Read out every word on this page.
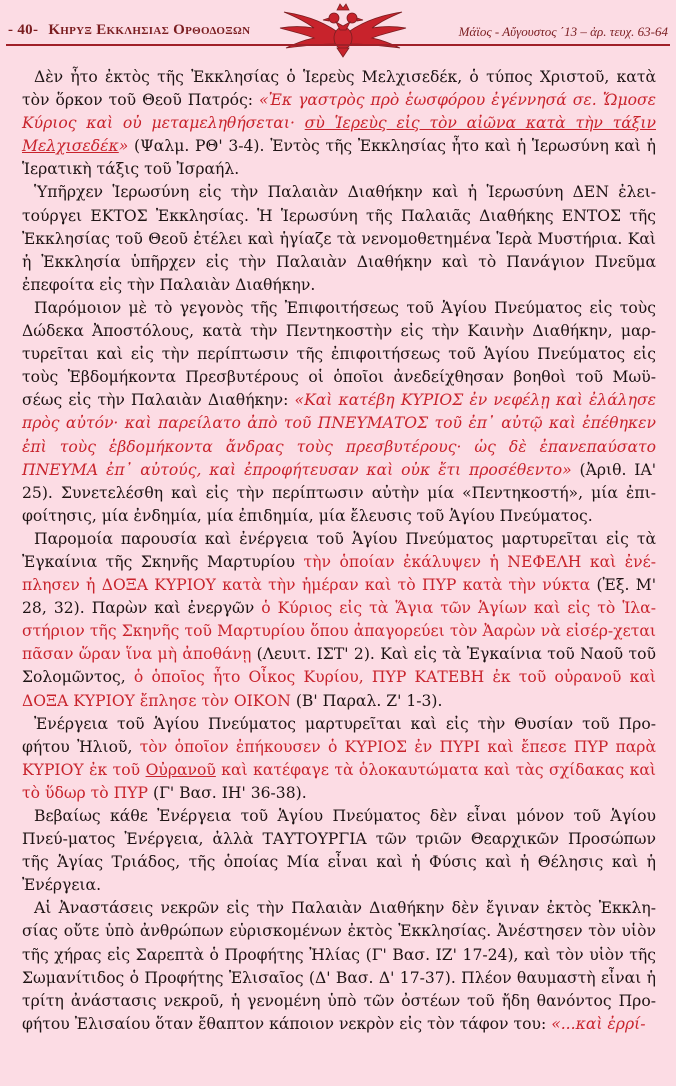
- 40- Κηρυξ Εκκλησιας Ορθοδοξων	Μάϊος - Αὔγουστος ΄13 – ἀρ. τευχ. 63-64

Δὲν ἦτο ἐκτὸς τῆς Ἐκκλησίας ὁ Ἱερεὺς Μελχισεδέκ, ὁ τύπος Χριστοῦ, κατὰ τὸν ὅρκον τοῦ Θεοῦ Πατρός: «Ἐκ γαστρὸς πρὸ ἑωσφόρου ἐγέννησά σε. Ὤμοσε Κύριος καὶ οὐ μεταμεληθήσεται· σὺ Ἱερεὺς εἰς τὸν αἰῶνα κατὰ τὴν τάξιν Μελχισεδέκ» (Ψαλμ. ΡΘ' 3-4). Ἐντὸς τῆς Ἐκκλησίας ἦτο καὶ ἡ Ἱερωσύνη καὶ ἡ Ἱερατικὴ τάξις τοῦ Ἰσραήλ.

Ὑπῆρχεν Ἱερωσύνη εἰς τὴν Παλαιὰν Διαθήκην καὶ ἡ Ἱερωσύνη ΔΕΝ ἐλει-τούργει ΕΚΤΟΣ Ἐκκλησίας. Ἡ Ἱερωσύνη τῆς Παλαιᾶς Διαθήκης ΕΝΤΟΣ τῆς Ἐκκλησίας τοῦ Θεοῦ ἐτέλει καὶ ἡγίαζε τὰ νενομοθετημένα Ἱερὰ Μυστήρια. Καὶ ἡ Ἐκκλησία ὑπῆρχεν εἰς τὴν Παλαιὰν Διαθήκην καὶ τὸ Πανάγιον Πνεῦμα ἐπεφοίτα εἰς τὴν Παλαιὰν Διαθήκην.

Παρόμοιον μὲ τὸ γεγονὸς τῆς Ἐπιφοιτήσεως τοῦ Ἁγίου Πνεύματος εἰς τοὺς Δώδεκα Ἀποστόλους, κατὰ τὴν Πεντηκοστὴν εἰς τὴν Καινὴν Διαθήκην, μαρ-τυρεῖται καὶ εἰς τὴν περίπτωσιν τῆς ἐπιφοιτήσεως τοῦ Ἁγίου Πνεύματος εἰς τοὺς Ἑβδομήκοντα Πρεσβυτέρους οἱ ὁποῖοι ἀνεδείχθησαν βοηθοὶ τοῦ Μωϋ-σέως εἰς τὴν Παλαιὰν Διαθήκην: «Καὶ κατέβη ΚΥΡΙΟΣ ἐν νεφέλῃ καὶ ἐλάλησε πρὸς αὐτόν· καὶ παρείλατο ἀπὸ τοῦ ΠΝΕΥΜΑΤΟΣ τοῦ ἐπ᾽ αὐτῷ καὶ ἐπέθηκεν ἐπὶ τοὺς ἑβδομήκοντα ἄνδρας τοὺς πρεσβυτέρους· ὡς δὲ ἐπανεπαύσατο ΠΝΕΥΜΑ ἐπ᾽ αὐτούς, καὶ ἐπροφήτευσαν καὶ οὐκ ἔτι προσέθεντο» (Ἀριθ. ΙΑ' 25). Συνετελέσθη καὶ εἰς τὴν περίπτωσιν αὐτὴν μία «Πεντηκοστή», μία ἐπι-φοίτησις, μία ἐνδημία, μία ἐπιδημία, μία ἔλευσις τοῦ Ἁγίου Πνεύματος.

Παρομοία παρουσία καὶ ἐνέργεια τοῦ Ἁγίου Πνεύματος μαρτυρεῖται εἰς τὰ Ἐγκαίνια τῆς Σκηνῆς Μαρτυρίου τὴν ὁποίαν ἐκάλυψεν ἡ ΝΕΦΕΛΗ καὶ ἐνέ-πλησεν ἡ ΔΟΞΑ ΚΥΡΙΟΥ κατὰ τὴν ἡμέραν καὶ τὸ ΠΥΡ κατὰ τὴν νύκτα (Ἐξ. Μ' 28, 32). Παρὼν καὶ ἐνεργῶν ὁ Κύριος εἰς τὰ Ἅγια τῶν Ἁγίων καὶ εἰς τὸ Ἱλα-στήριον τῆς Σκηνῆς τοῦ Μαρτυρίου ὅπου ἀπαγορεύει τὸν Ἀαρὼν νὰ εἰσέρ-χεται πᾶσαν ὥραν ἵνα μὴ ἀποθάνῃ (Λευιτ. ΙΣΤ' 2). Καὶ εἰς τὰ Ἐγκαίνια τοῦ Ναοῦ τοῦ Σολομῶντος, ὁ ὁποῖος ἦτο Οἶκος Κυρίου, ΠΥΡ ΚΑΤΕΒΗ ἐκ τοῦ οὐρανοῦ καὶ ΔΟΞΑ ΚΥΡΙΟΥ ἔπλησε τὸν ΟΙΚΟΝ (Β' Παραλ. Ζ' 1-3).

Ἐνέργεια τοῦ Ἁγίου Πνεύματος μαρτυρεῖται καὶ εἰς τὴν Θυσίαν τοῦ Προ-φήτου Ἠλιοῦ, τὸν ὁποῖον ἐπήκουσεν ὁ ΚΥΡΙΟΣ ἐν ΠΥΡΙ καὶ ἔπεσε ΠΥΡ παρὰ ΚΥΡΙΟΥ ἐκ τοῦ Οὐρανοῦ καὶ κατέφαγε τὰ ὁλοκαυτώματα καὶ τὰς σχίδακας καὶ τὸ ὕδωρ τὸ ΠΥΡ (Γ' Βασ. ΙΗ' 36-38).

Βεβαίως κάθε Ἐνέργεια τοῦ Ἁγίου Πνεύματος δὲν εἶναι μόνον τοῦ Ἁγίου Πνεύ-ματος Ἐνέργεια, ἀλλὰ ΤΑΥΤΟΥΡΓΙΑ τῶν τριῶν Θεαρχικῶν Προσώπων τῆς Ἁγίας Τριάδος, τῆς ὁποίας Μία εἶναι καὶ ἡ Φύσις καὶ ἡ Θέλησις καὶ ἡ Ἐνέργεια.

Αἱ Ἀναστάσεις νεκρῶν εἰς τὴν Παλαιὰν Διαθήκην δὲν ἔγιναν ἐκτὸς Ἐκκλη-σίας οὔτε ὑπὸ ἀνθρώπων εὑρισκομένων ἐκτὸς Ἐκκλησίας. Ἀνέστησεν τὸν υἱὸν τῆς χήρας εἰς Σαρεπτὰ ὁ Προφήτης Ἠλίας (Γ' Βασ. ΙΖ' 17-24), καὶ τὸν υἱὸν τῆς Σωμανίτιδος ὁ Προφήτης Ἐλισαῖος (Δ' Βασ. Δ' 17-37). Πλέον θαυμαστὴ εἶναι ἡ τρίτη ἀνάστασις νεκροῦ, ἡ γενομένη ὑπὸ τῶν ὀστέων τοῦ ἤδη θανόντος Προ-φήτου Ἐλισαίου ὅταν ἔθαπτον κάποιον νεκρὸν εἰς τὸν τάφον του: «...καὶ ἐρρί-
